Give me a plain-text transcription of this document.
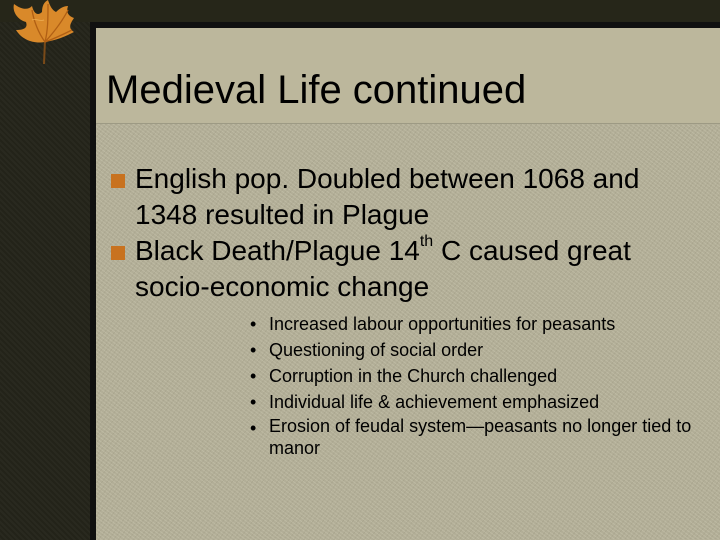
Medieval Life continued
English pop. Doubled between 1068 and 1348 resulted in Plague
Black Death/Plague 14th C caused great socio-economic change
• Increased labour opportunities for peasants
• Questioning of social order
• Corruption in the Church challenged
• Individual life & achievement emphasized
• Erosion of feudal system—peasants no longer tied to manor
